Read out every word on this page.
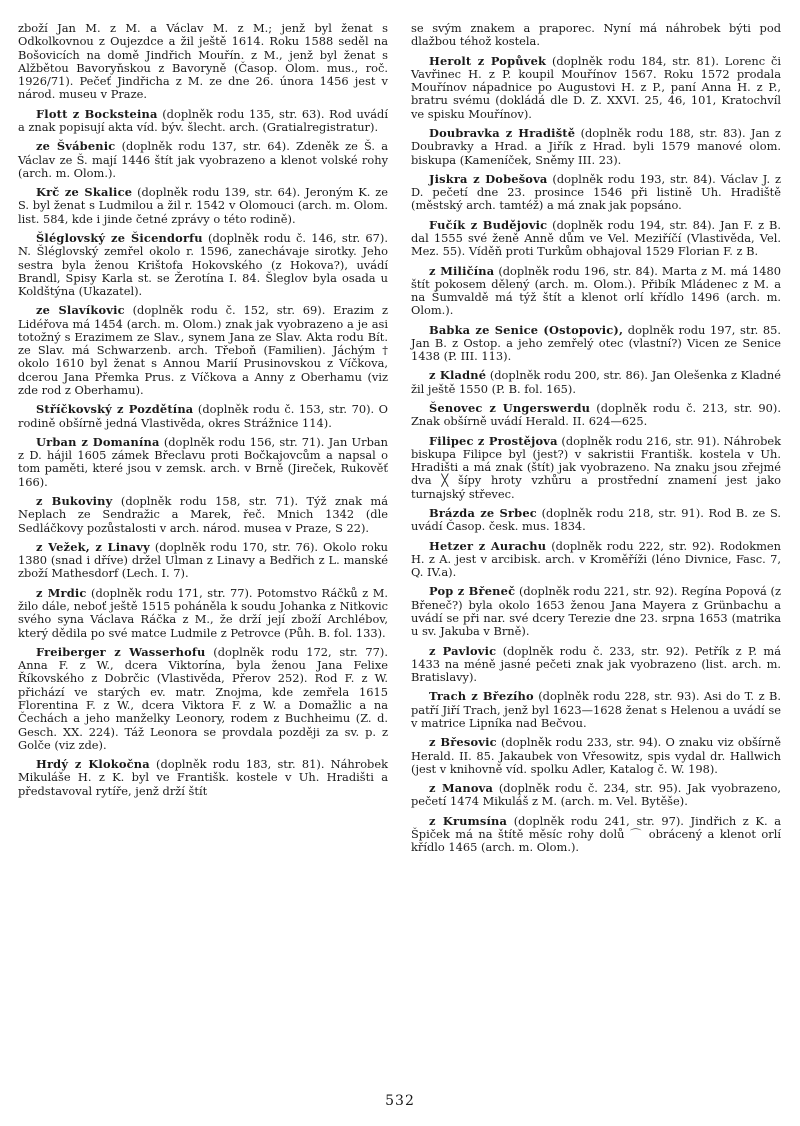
zboží Jan M. z M. a Václav M. z M.; jenž byl ženat s Odkolkovnou z Oujezdce a žil ještě 1614. Roku 1588 seděl na Bošovicích na domě Jindřich Mouřín. z M., jenž byl ženat s Alžbětou Bavoryňskou z Bavoryně (Časop. Olom. mus., roč. 1926/71). Pečeť Jindřicha z M. ze dne 26. února 1456 jest v národ. museu v Praze.

Flott z Bocksteina (doplněk rodu 135, str. 63). Rod uvádí a znak popisují akta víd. býv. šlecht. arch. (Gratialregistratur).

ze Švábenic (doplněk rodu 137, str. 64). Zdeněk ze Š. a Václav ze Š. mají 1446 štít jak vyobrazeno a klenot volské rohy (arch. m. Olom.).

Krč ze Skalice (doplněk rodu 139, str. 64). Jeroným K. ze S. byl ženat s Ludmilou a žil r. 1542 v Olomouci (arch. m. Olom. list. 584, kde i jinde četné zprávy o této rodině).

Šléglovský ze Šicendorfu (doplněk rodu č. 146, str. 67). N. Šléglovský zemřel okolo r. 1596, zanechávaje sirotky. Jeho sestra byla ženou Krištofa Hokovského (z Hokova?), uvádí Brandl, Spisy Karla st. se Žerotína I. 84. Šleglov byla osada u Koldštýna (Ukazatel).

ze Slavíkovic (doplněk rodu č. 152, str. 69). Erazim z Lidéřova má 1454 (arch. m. Olom.) znak jak vyobrazeno a je asi totožný s Erazimem ze Slav., synem Jana ze Slav. Akta rodu Bít. ze Slav. má Schwarzenb. arch. Třeboň (Familien). Jáchým † okolo 1610 byl ženat s Annou Marií Prusinovskou z Víčkova, dcerou Jana Přemka Prus. z Víčkova a Anny z Oberhamu (viz zde rod z Oberhamu).

Stříčkovský z Pozdětína (doplněk rodu č. 153, str. 70). O rodině obšírně jedná Vlastivěda, okres Strážnice 114).

Urban z Domanína (doplněk rodu 156, str. 71). Jan Urban z D. hájil 1605 zámek Břeclavu proti Bočkajovcům a napsal o tom paměti, které jsou v zemsk. arch. v Brně (Jireček, Rukověť 166).

z Bukoviny (doplněk rodu 158, str. 71). Týž znak má Neplach ze Sendražic a Marek, řeč. Mnich 1342 (dle Sedláčkovy pozůstalosti v arch. národ. musea v Praze, S 22).

z Vežek, z Linavy (doplněk rodu 170, str. 76). Okolo roku 1380 (snad i dříve) držel Ulman z Linavy a Bedřich z L. manské zboží Mathesdorf (Lech. I. 7).

z Mrdic (doplněk rodu 171, str. 77). Potomstvo Ráčků z M. žilo dále, neboť ještě 1515 poháněla k soudu Johanka z Nitkovic svého syna Václava Ráčka z M., že drží její zboží Archlébov, který dědila po své matce Ludmile z Petrovce (Půh. B. fol. 133).

Freiberger z Wasserhofu (doplněk rodu 172, str. 77). Anna F. z W., dcera Viktorína, byla ženou Jana Felixe Říkovského z Dobrčic (Vlastivěda, Přerov 252). Rod F. z W. přichází ve starých ev. matr. Znojma, kde zemřela 1615 Florentina F. z W., dcera Viktora F. z W. a Domažlic a na Čechách a jeho manželky Leonory, rodem z Buchheimu (Z. d. Gesch. XX. 224). Táž Leonora se provdala později za sv. p. z Golče (viz zde).

Hrdý z Klokočna (doplněk rodu 183, str. 81). Náhrobek Mikuláše H. z K. byl ve Františk. kostele v Uh. Hradišti a představoval rytíře, jenž drží štít

se svým znakem a praporec. Nyní má náhrobek býti pod dlažbou téhož kostela.

Herolt z Popůvek (doplněk rodu 184, str. 81). Lorenc či Vavřinec H. z P. koupil Mouřínov 1567. Roku 1572 prodala Mouřínov nápadnice po Augustovi H. z P., paní Anna H. z P., bratru svému (dokládá dle D. Z. XXVI. 25, 46, 101, Kratochvíl ve spisku Mouřínov).

Doubravka z Hradiště (doplněk rodu 188, str. 83). Jan z Doubravky a Hrad. a Jiřík z Hrad. byli 1579 manové olom. biskupa (Kameníček, Sněmy III. 23).

Jiskra z Dobešova (doplněk rodu 193, str. 84). Václav J. z D. pečetí dne 23. prosince 1546 při listině Uh. Hradiště (městský arch. tamtéž) a má znak jak popsáno.

Fučík z Budějovic (doplněk rodu 194, str. 84). Jan F. z B. dal 1555 své ženě Anně dům ve Vel. Meziříčí (Vlastivěda, Vel. Mez. 55). Víděň proti Turkům obhajoval 1529 Florian F. z B.

z Miličína (doplněk rodu 196, str. 84). Marta z M. má 1480 štít pokosem dělený (arch. m. Olom.). Přibík Mládenec z M. a na Šumvaldě má týž štít a klenot orlí křídlo 1496 (arch. m. Olom.).

Babka ze Senice (Ostopovic), doplněk rodu 197, str. 85. Jan B. z Ostop. a jeho zemřelý otec (vlastní?) Vicen ze Senice 1438 (P. III. 113).

z Kladné (doplněk rodu 200, str. 86). Jan Olešenka z Kladné žil ještě 1550 (P. B. fol. 165).

Šenovec z Ungerswerdu (doplněk rodu č. 213, str. 90). Znak obšírně uvádí Herald. II. 624—625.

Filipec z Prostějova (doplněk rodu 216, str. 91). Náhrobek biskupa Filipce byl (jest?) v sakristii Františk. kostela v Uh. Hradišti a má znak (štít) jak vyobrazeno. Na znaku jsou zřejmé dva ╳ šípy hroty vzhůru a prostřední znamení jest jako turnajský střevec.

Brázda ze Srbec (doplněk rodu 218, str. 91). Rod B. ze S. uvádí Časop. česk. mus. 1834.

Hetzer z Aurachu (doplněk rodu 222, str. 92). Rodokmen H. z A. jest v arcibisk. arch. v Kroměříži (léno Divnice, Fasc. 7, Q. IV.a).

Pop z Břeneč (doplněk rodu 221, str. 92). Regína Popová (z Břeneč?) byla okolo 1653 ženou Jana Mayera z Grünbachu a uvádí se při nar. své dcery Terezie dne 23. srpna 1653 (matrika u sv. Jakuba v Brně).

z Pavlovic (doplněk rodu č. 233, str. 92). Petřík z P. má 1433 na méně jasné pečeti znak jak vyobrazeno (list. arch. m. Bratislavy).

Trach z Březího (doplněk rodu 228, str. 93). Asi do T. z B. patří Jiří Trach, jenž byl 1623—1628 ženat s Helenou a uvádí se v matrice Lipníka nad Bečvou.

z Břesovic (doplněk rodu 233, str. 94). O znaku viz obšírně Herald. II. 85. Jakaubek von Vřesowitz, spis vydal dr. Hallwich (jest v knihovně víd. spolku Adler, Katalog č. W. 198).

z Manova (doplněk rodu č. 234, str. 95). Jak vyobrazeno, pečetí 1474 Mikuláš z M. (arch. m. Vel. Bytěše).

z Krumsína (doplněk rodu 241, str. 97). Jindřich z K. a Špiček má na štítě měsíc rohy dolů ⌒ obrácený a klenot orlí křídlo 1465 (arch. m. Olom.).

532
